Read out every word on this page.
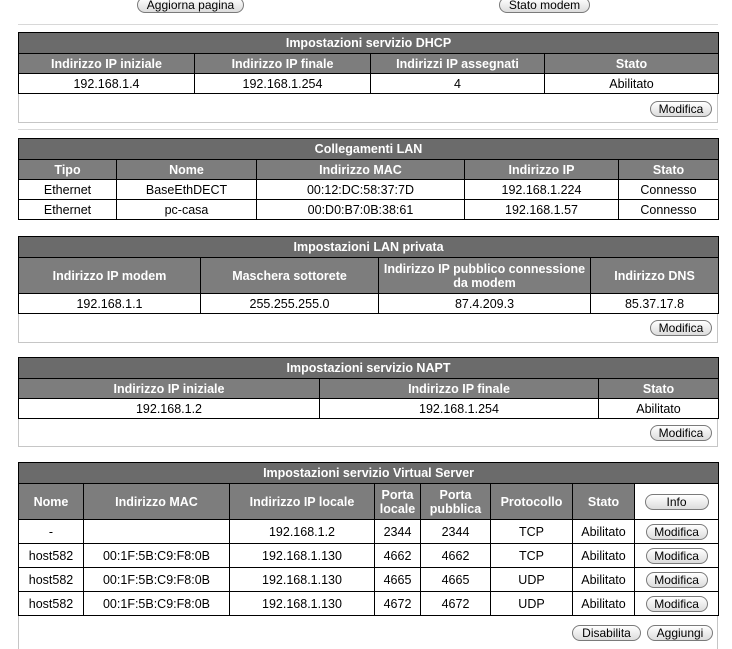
Aggiorna pagina	Stato modem
Impostazioni servizio DHCP			
Indirizzo IP iniziale	Indirizzo IP finale	Indirizzi IP assegnati	Stato
192.168.1.4	192.168.1.254	4	Abilitato
Modifica
Collegamenti LAN				
Tipo	Nome	Indirizzo MAC	Indirizzo IP	Stato
Ethernet	BaseEthDECT	00:12:DC:58:37:7D	192.168.1.224	Connesso
Ethernet	pc-casa	00:D0:B7:0B:38:61	192.168.1.57	Connesso
Impostazioni LAN privata			
Indirizzo IP modem	Maschera sottorete	Indirizzo IP pubblico connessione da modem	Indirizzo DNS
192.168.1.1	255.255.255.0	87.4.209.3	85.37.17.8
Modifica
Impostazioni servizio NAPT		
Indirizzo IP iniziale	Indirizzo IP finale	Stato
192.168.1.2	192.168.1.254	Abilitato
Modifica
Impostazioni servizio Virtual Server							
Nome	Indirizzo MAC	Indirizzo IP locale	Porta locale	Porta pubblica	Protocollo	Stato	Info
-		192.168.1.2	2344	2344	TCP	Abilitato	Modifica
host582	00:1F:5B:C9:F8:0B	192.168.1.130	4662	4662	TCP	Abilitato	Modifica
host582	00:1F:5B:C9:F8:0B	192.168.1.130	4665	4665	UDP	Abilitato	Modifica
host582	00:1F:5B:C9:F8:0B	192.168.1.130	4672	4672	UDP	Abilitato	Modifica
Disabilita	Aggiungi
